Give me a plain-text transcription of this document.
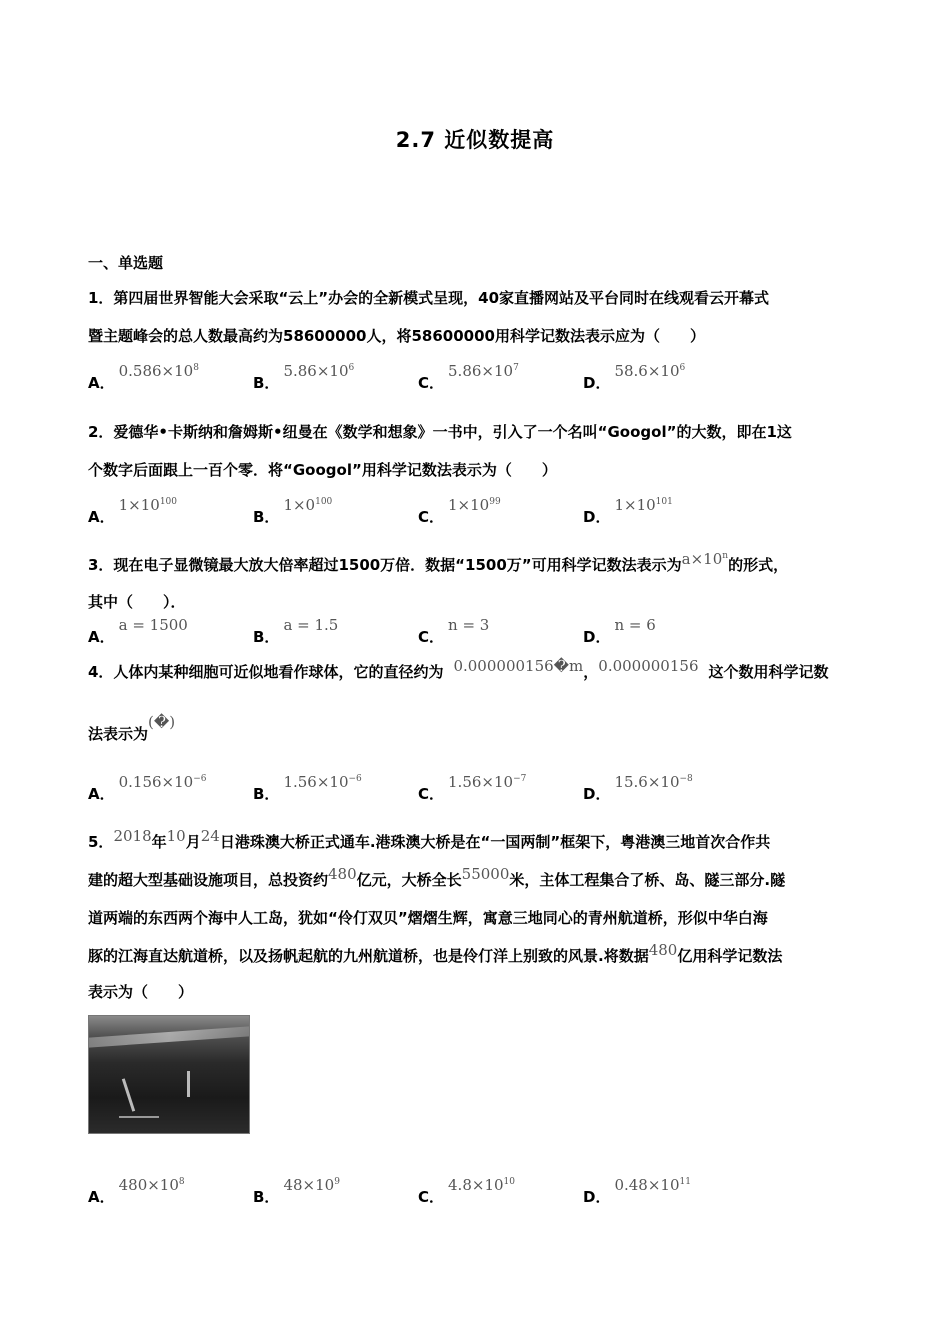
2.7 近似数提高
一、单选题
1．第四届世界智能大会采取“云上”办会的全新模式呈现，40家直播网站及平台同时在线观看云开幕式
暨主题峰会的总人数最高约为58600000人，将58600000用科学记数法表示应为（　　）
A．$0.586\times 10^8$
B．$5.86\times 10^6$
C．$5.86\times 10^7$
D．$58.6\times 10^6$
2．爱德华•卡斯纳和詹姆斯•纽曼在《数学和想象》一书中，引入了一个名叫“Googol”的大数，即在1这
个数字后面跟上一百个零．将“Googol”用科学记数法表示为（　　）
A．$1\times 10^{100}$
B．$1\times 0^{100}$
C．$1\times 10^{99}$
D．$1\times 10^{101}$
3．现在电子显微镜最大放大倍率超过1500万倍．数据“1500万”可用科学记数法表示为$a\times 10^n$的形式，
其中（　　）．
A．a = 1500
B．a = 1.5
C．n = 3
D．n = 6
4．人体内某种细胞可近似地看作球体，它的直径约为 0.000000156�m，0.000000156 这个数用科学记数
法表示为(�)
A．$0.156\times 10^{-6}$
B．$1.56\times 10^{-6}$
C．$1.56\times 10^{-7}$
D．$15.6\times 10^{-8}$
5．2018年10月24日港珠澳大桥正式通车.港珠澳大桥是在“一国两制”框架下，粤港澳三地首次合作共
建的超大型基础设施项目，总投资约480亿元，大桥全长55000米，主体工程集合了桥、岛、隧三部分.隧
道两端的东西两个海中人工岛，犹如“伶仃双贝”熠熠生辉，寓意三地同心的青州航道桥，形似中华白海
豚的江海直达航道桥，以及扬帆起航的九州航道桥，也是伶仃洋上别致的风景.将数据480亿用科学记数法
表示为（　　）
A．$480\times 10^8$
B．$48\times 10^9$
C．$4.8\times 10^{10}$
D．$0.48\times 10^{11}$
